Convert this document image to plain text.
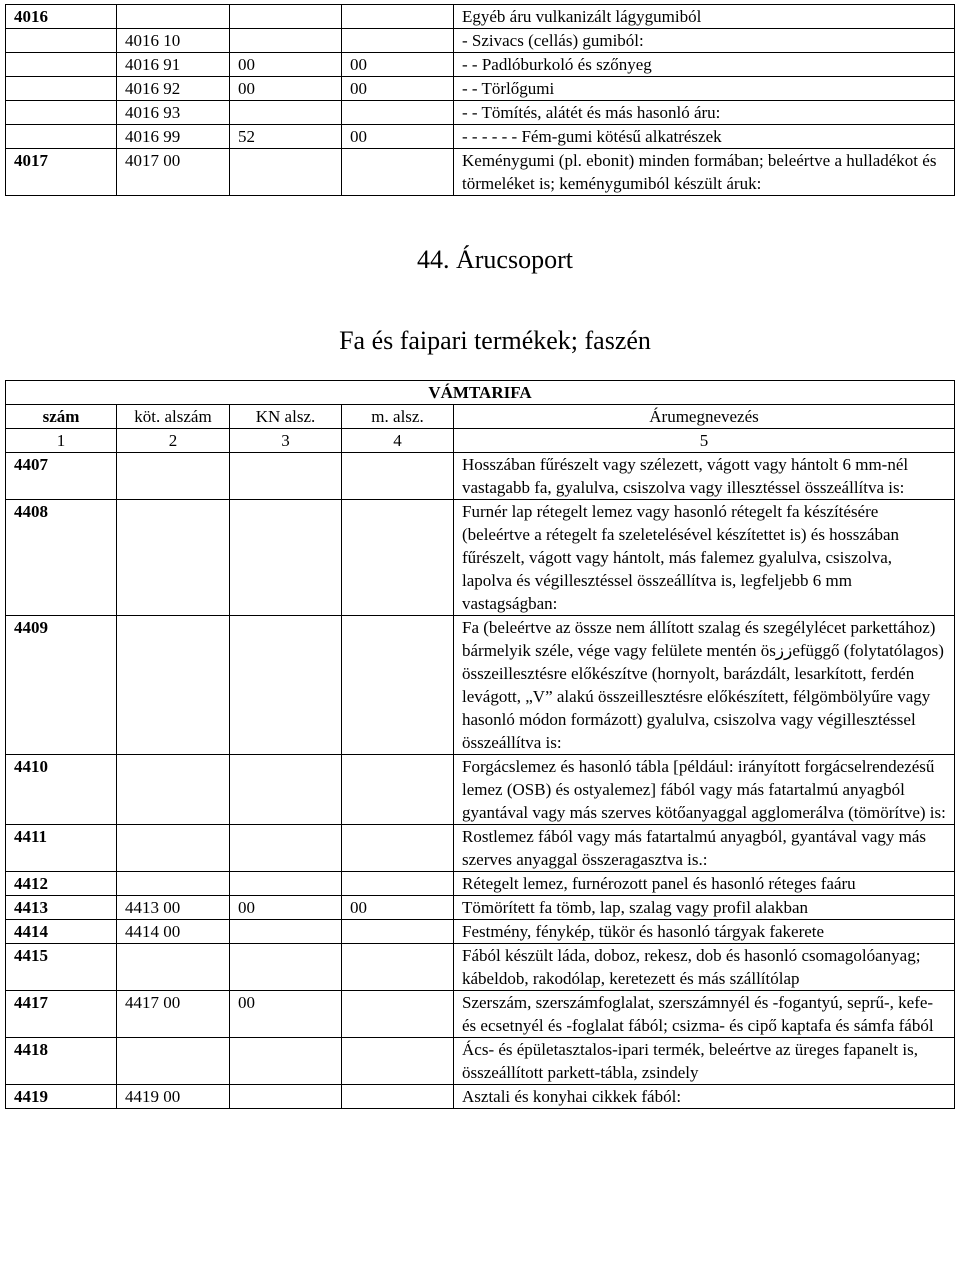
4016				Egyéb áru vulkanizált lágygumiból
	4016 10			- Szivacs (cellás) gumiból:
	4016 91	00	00	- - Padlóburkoló és szőnyeg
	4016 92	00	00	- - Törlőgumi
	4016 93			- - Tömítés, alátét és más hasonló áru:
	4016 99	52	00	- - - - - - Fém-gumi kötésű alkatrészek
4017	4017 00			Keménygumi (pl. ebonit) minden formában; beleértve a hulladékot és törmeléket is; keménygumiból készült áruk:
44. Árucsoport
Fa és faipari termékek; faszén
VÁMTARIFA				
szám	köt. alszám	KN alsz.	m. alsz.	Árumegnevezés
1	2	3	4	5
4407				Hosszában fűrészelt vagy szélezett, vágott vagy hántolt 6 mm-nél vastagabb fa, gyalulva, csiszolva vagy illesztéssel összeállítva is:
4408				Furnér lap rétegelt lemez vagy hasonló rétegelt fa készítésére (beleértve a rétegelt fa szeletelésével készítettet is) és hosszában fűrészelt, vágott vagy hántolt, más falemez gyalulva, csiszolva, lapolva és végillesztéssel összeállítva is, legfeljebb 6 mm vastagságban:
4409				Fa (beleértve az össze nem állított szalag és szegélylécet parkettához) bármelyik széle, vége vagy felülete mentén ösززefüggő (folytatólagos) összeillesztésre előkészítve (hornyolt, barázdált, lesarkított, ferdén levágott, „V” alakú összeillesztésre előkészített, félgömbölyűre vagy hasonló módon formázott) gyalulva, csiszolva vagy végillesztéssel összeállítva is:
4410				Forgácslemez és hasonló tábla [például: irányított forgácselrendezésű lemez (OSB) és ostyalemez] fából vagy más fatartalmú anyagból gyantával vagy más szerves kötőanyaggal agglomerálva (tömörítve) is:
4411				Rostlemez fából vagy más fatartalmú anyagból, gyantával vagy más szerves anyaggal összeragasztva is.:
4412				Rétegelt lemez, furnérozott panel és hasonló réteges faáru
4413	4413 00	00	00	Tömörített fa tömb, lap, szalag vagy profil alakban
4414	4414 00			Festmény, fénykép, tükör és hasonló tárgyak fakerete
4415				Fából készült láda, doboz, rekesz, dob és hasonló csomagolóanyag; kábeldob, rakodólap, keretezett és más szállítólap
4417	4417 00	00		Szerszám, szerszámfoglalat, szerszámnyél és -fogantyú, seprű-, kefe- és ecsetnyél és -foglalat fából; csizma- és cipő kaptafa és sámfa fából
4418				Ács- és épületasztalos-ipari termék, beleértve az üreges fapanelt is, összeállított parkett-tábla, zsindely
4419	4419 00			Asztali és konyhai cikkek fából:
